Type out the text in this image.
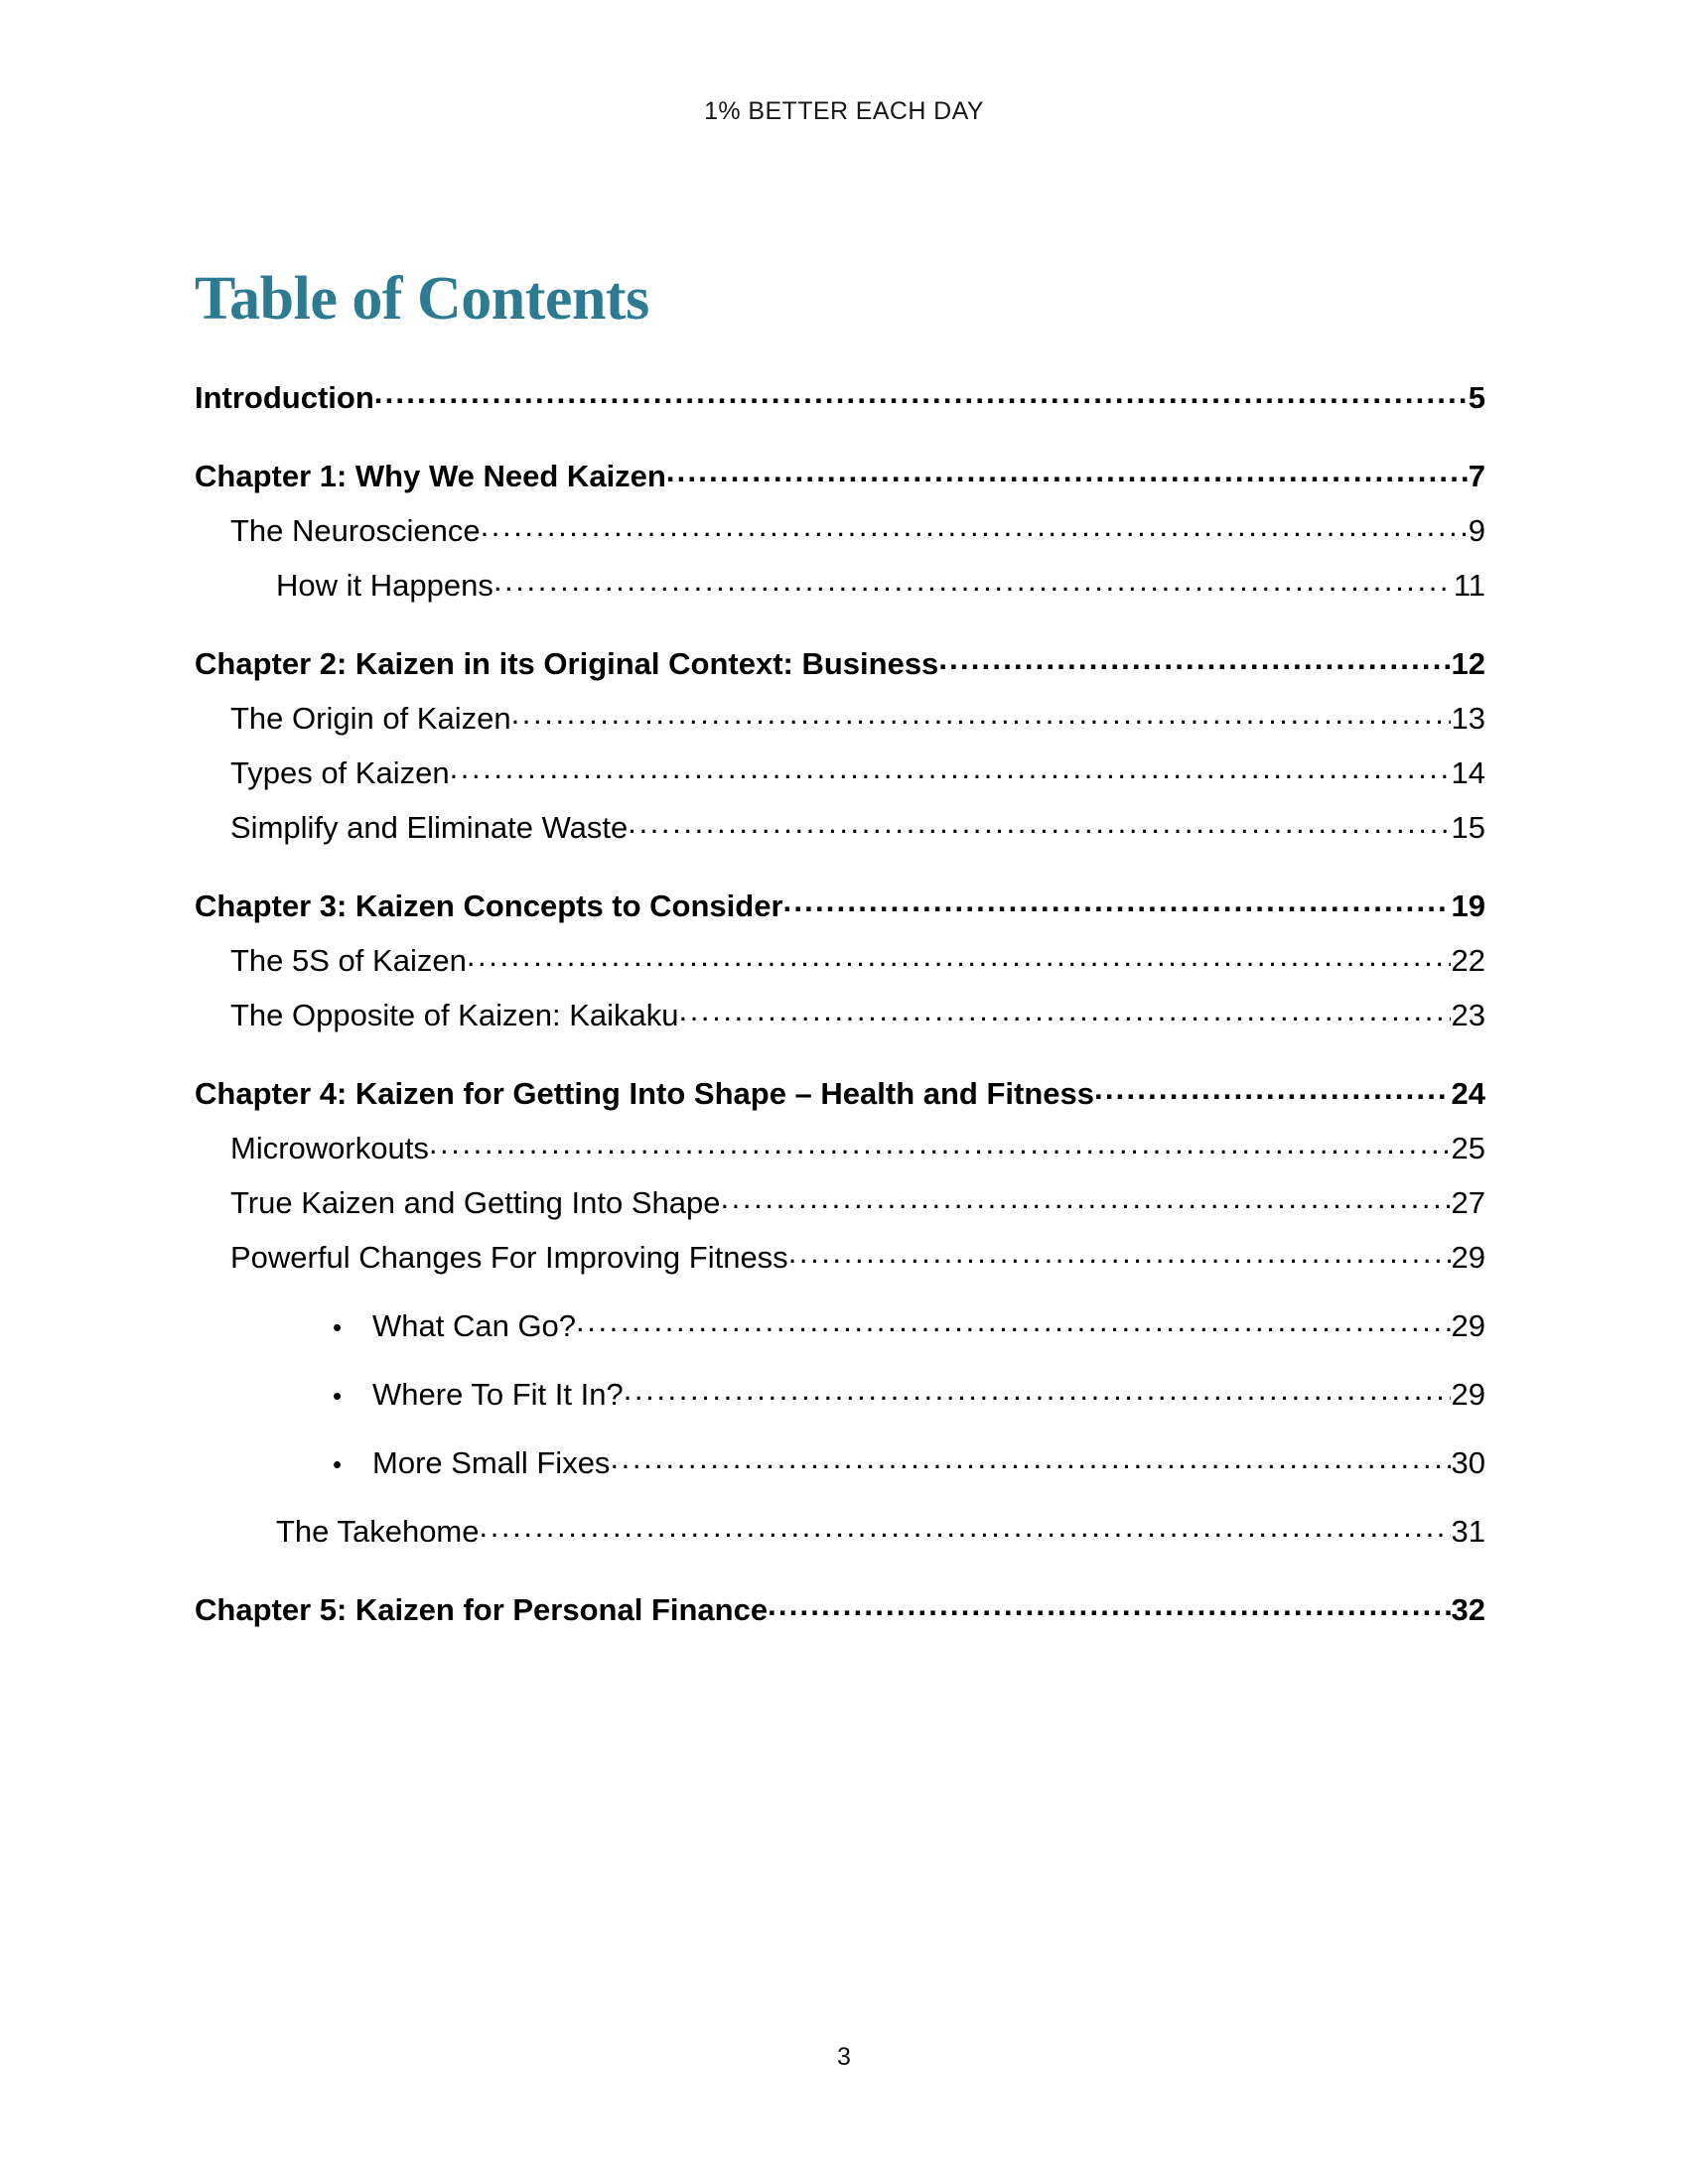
1% BETTER EACH DAY
Table of Contents
Introduction .....	5
Chapter 1: Why We Need Kaizen .....	7
The Neuroscience .....	9
How it Happens .....	11
Chapter 2: Kaizen in its Original Context: Business .....	12
The Origin of Kaizen .....	13
Types of Kaizen .....	14
Simplify and Eliminate Waste .....	15
Chapter 3: Kaizen Concepts to Consider .....	19
The 5S of Kaizen .....	22
The Opposite of Kaizen: Kaikaku .....	23
Chapter 4: Kaizen for Getting Into Shape – Health and Fitness .....	24
Microworkouts .....	25
True Kaizen and Getting Into Shape .....	27
Powerful Changes For Improving Fitness .....	29
• What Can Go? .....	29
• Where To Fit It In? .....	29
• More Small Fixes .....	30
The Takehome .....	31
Chapter 5: Kaizen for Personal Finance .....	32
3
